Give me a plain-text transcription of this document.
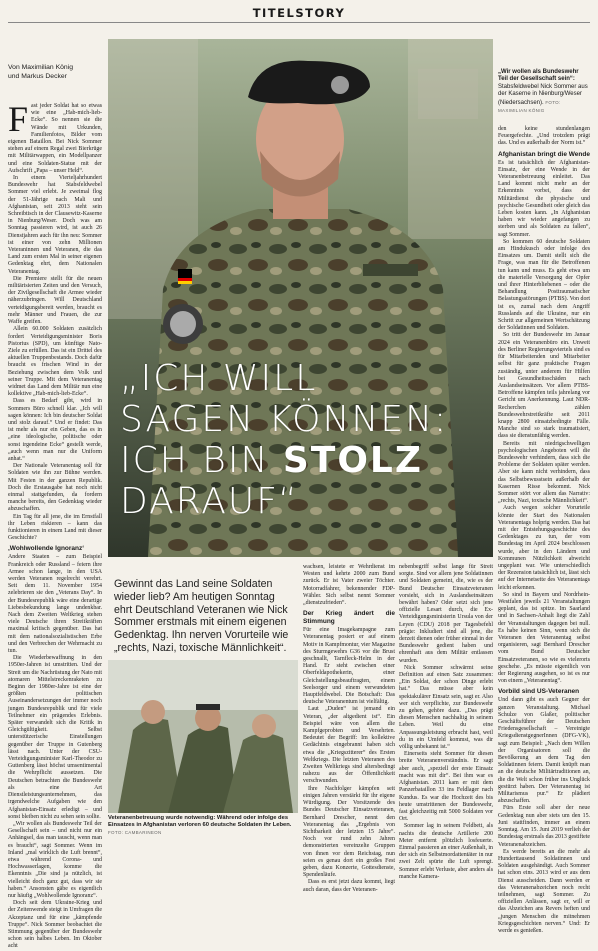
TITELSTORY
Von Maximilian König
und Markus Decker

Fast jeder Soldat hat so etwas wie eine „Hab-mich-lieb-Ecke“. So nennen sie die Wände mit Urkunden, Familienfotos, Bilder vom eigenen Bataillon. Bei Nick Sommer stehen auf einem Regal zwei Bierkrüge mit Militärwappen, ein Modellpanzer und eine Soldaten-Statue mit der Aufschrift „Papa – unser Held“.

In einem Vierteljahrhundert Bundeswehr hat Stabsfeldwebel Sommer viel erlebt. Je zweimal flog der 51-Jährige nach Mali und Afghanistan, seit 2013 steht sein Schreibtisch in der Clausewitz-Kaserne in Nienburg/Weser. Doch was am Sonntag passieren wird, ist auch 26 Dienstjahren auch für ihn neu: Sommer ist einer von zehn Millionen Veteraninnen und Veteranen, die das Land zum ersten Mal in seiner eigenen Gedenktag ehrt, dem Nationalen Veteranentag.

Die Premiere stellt für die neuen militärisierten Zeiten und den Versuch, der Zivilgesellschaft die Armee wieder näherzubringen. Will Deutschland verteidigungsbereit werden, braucht es mehr Männer und Frauen, die zur Waffe greifen.

Allein 60.000 Soldaten zusätzlich fordert Verteidigungsminister Boris Pistorius (SPD), um künftige Nato-Ziele zu erfüllen. Das ist ein Drittel des aktuellen Truppenbestands. Doch dafür braucht es frischen Wind in der Beziehung zwischen dem Volk und seiner Truppe. Mit dem Veteranentag widmet das Land dem Militär nun eine kollektive „Hab-mich-lieb-Ecke“.

Dass es Bedarf gibt, wird in Sommers Büro schnell klar. „Ich will sagen können: Ich bin deutscher Soldat und stolz darauf.“ Und er findet: Das ist mehr als nur ein Geben, das es in „eine ideologische, politische oder sonst irgendeine Ecke“ gestellt werde, „auch wenn man nur die Uniform anhat.“

Der Nationale Veteranentag soll für Soldaten wie ihn zur Bühne werden. Mit Festen in der ganzen Republik. Doch die Erstausgabe hat noch nicht einmal stattgefunden, da fordern manche bereits, den Gedenktag wieder abzuschaffen.

Ein Tag für all jene, die im Ernstfall ihr Leben riskieren – kann das funktionieren in einem Land mit dieser Geschichte?

‚Wohlwollende Ignoranz‘

Andere Staaten – zum Beispiel Frankreich oder Russland – feiern ihre Armee schon lange, in den USA werden Veteranen regelrecht verehrt. Seit dem 11. November 1954 zelebrieren sie den „Veterans Day“. In der Bundesrepublik wäre eine derartige Liebesbekundung lange undenkbar. Nach dem Zweiten Weltkrieg stehen viele Deutsche ihren Streitkräften maximal kritisch gegenüber. Das hat mit dem nationalsozialistischen Erbe und den Verbrechen der Wehrmacht zu tun.

Die Wiederbewaffnung in den 1950er-Jahren ist umstritten. Und der Streit um die Nachrüstung der Nato mit atomaren Mittelstreckenraketen zu Beginn der 1980er-Jahre ist eine der größten politischen Auseinandersetzungen der immer noch jungen Bundesrepublik und für viele Teilnehmer ein prägendes Erlebnis. Später verwandelt sich die Kritik in Gleichgültigkeit. Selbst unterstützerische Einstellungen gegenüber der Truppe in Gutenberg lässt nach. Unter der CSU-Verteidigungsminister Karl-Theodor zu Guttenberg lässt höchst umsentimental die Wehrpflicht aussetzen. Die Deutschen betrachten die Bundeswehr als eine Art Dienstleistungsunternehmen, das irgendwelche Aufgaben wie den Afghanistan-Einsatz erledigt – und sonst bleiben nicht zu sehen sein sollte.

„Wir wollen als Bundeswehr Teil der Gesellschaft sein – und nicht nur ein Anhängsel, das man tauscht, wenn man es braucht“, sagt Sommer. Wenn im Inland „mal wirklich die Luft brennt“, etwa während Corona- und Hochwasserlagen, komme die Ekenntnis „Die sind ja nützlich, ist vielleicht doch ganz gut, dass wir sie haben.“ Ansonsten gäbe es eigentlich nur häufig „Wohlwollende Ignoranz“.

Doch seit dem Ukraine-Krieg und der Zeitenwende steigt in Umfragen die Akzeptanz und für eine „kämpfende Truppe“. Nick Sommer beobachtet die Stimmung gegenüber der Bundeswehr schon sein halbes Leben. Im Oktober acht

„ICH WILL
SAGEN KÖNNEN:
ICH BIN STOLZ
DARAUF“
„Wir wollen als Bundeswehr Teil der Gesellschaft sein“: Stabsfeldwebel Nick Sommer aus der Kaserne in Nienburg/Weser (Niedersachsen). FOTO: MAXIMILIAN KÖNIG

den keine stundenlangen Feuergefechte. „Und trotzdem prägt das. Und es außerhalb der Norm ist.“

Afghanistan bringt die Wende

Es ist tatsächlich der Afghanistan-Einsatz, der eine Wende in der Veteranenbetreuung einleitet. Das Land kommt nicht mehr an der Erkenntnis vorbei, dass der Militärdienst die physische und psychische Gesundheit oder gleich das Leben kosten kann. „In Afghanistan haben wir wieder angefangen zu sterben und als Soldaten zu fallen“, sagt Sommer.

So kommen 60 deutsche Soldaten am Hindukusch oder infolge des Einsatzes um. Damit stellt sich die Frage, was man für die Betroffenen tun kann und muss. Es geht etwa um die materielle Versorgung der Opfer und ihrer Hinterbliebenen – oder die Behandlung Posttraumatischer Belastungsstörungen (PTBS). Von dort ist es, zumal nach dem Angriff Russlands auf die Ukraine, nur ein Schritt zur allgemeinen Wertschätzung der Soldatinnen und Soldaten.

So tritt der Bundeswehr im Januar 2024 ein Veteranenbüro ein. Unweit des Berliner Regierungsviertels sind es für Mitarbeitenden und Mitarbeiter selbst für ganz praktische Fragen zuständig, unter anderem für Hilfen bei Gesundheitsschäden nach Auslandseinsätzen. Vor allem PTBS-Betroffene kämpfen teils jahrelang vor Gericht um Anerkennung. Laut NDR-Recherchen zählen Bundeswehrstreitkräfte seit 2011 knapp 2800 einsatzbedingte Fälle. Manche sind so stark traumatisiert, dass sie dienstunfähig werden.

Bereits mit niedrigschwelligen psychologischen Angeboten will die Bundeswehr verhindern, dass sich die Probleme der Soldaten später werden. Aber sie kann nicht verhindern, dass das Selbstbewusstsein außerhalb der Kasernen Risse bekommt. Nick Sommer stört vor allem das Narrativ: „rechts, Nazi, toxische Männlichkeit“.

Auch wegen solcher Vorurteile könnte der Start des Nationalen Veteranentags holprig werden. Das hat mit der Entstehungsgeschichte des Gedenktages zu tun, der vom Bundestag im April 2024 beschlossen wurde, aber in den Ländern und Kommunen Nützlichkeit abweicht ungeplant war. Wie unterschiedlich der Rezension tatsächlich ist, lässt sich auf der Internetseite des Veteranentags leicht erkennen.

So sind in Bayern und Nordrhein-Westfalen jeweils 21 Veranstaltungen geplant, das ist spitze. Im Saarland und in Sachsen-Anhalt liegt die Zahl der Veranstaltungen dagegen bei null. Es habe keinen Sinn, wenn sich die Veteranen den Veteranentag selbst organisieren, sagt Bernhard Drescher vom Bund Deutscher Einsatzveteranen, so wie es vielerorts geschehe. „Es müsste eigentlich von der Regierung ausgehen, so ist es nur von einem „Veteranentag“.

Vorbild sind US-Veteranen

Und dann gibt es auch Gegner der ganzen Veranstaltung. Michael Schulze von Glaßer, politischer Geschäftsführer der Deutschen Friedensgesellschaft – Vereinigte KriegsdienstgegnerInnen (DFG-VK), sagt zum Beispiel: „Nach dem Willen der Organisatoren soll die Bevölkerung an dem Tag den Soldatinnen feiern. Damit knüpft man an die deutsche Militärtraditionen an, die die Welt schon früher ins Unglück gestürzt haben. Der Veteranentag ist Militarismus pur.“ Er plädiert abzuschaffen.

Fürs Erste soll aber der neue Gedenktag nun aber stets um den 15. Juni stattfinden, immer an einem Sonntag. Am 15. Juni 2019 verlieh der Bundestag erstmals das 2013 gestiftete Veteranenabzeichen.

Es werde bereits an die mehr als Hunderttausend Soldatinnen und Soldaten ausgehändigt. Auch Sommer hat schon eins. 2013 wird er aus dem Dienst ausscheiden. Dann werden er das Veteranenabzeichen noch recht teilnehmen, sagt Sommer. Zu offiziellen Anlässen, sagt er, will er das Abzeichen ans Revers heften und „jungen Menschen die mitnehmen Kriegsgeschichten nerven.“ Und: Er werde es genießen.

Gewinnt das Land seine Soldaten wieder lieb? Am heutigen Sonntag ehrt Deutschland Veteranen wie Nick Sommer erstmals mit einem eigenen Gedenktag. Ihn nerven Vorurteile wie „rechts, Nazi, toxische Männlichkeit“.

wachsen, leistete er Wehrdienst im Westen und kehrte 2000 zum Bund zurück. Er ist Vater zweier Töchter. Motorradfahrer, bekennender FDP-Wähler. Sich selbst nennt Sommer „dienstzufrieden“.

Der Krieg ändert die Stimmung

Für eine Imagekampagne zum Veteranentag posiert er auf einem Motiv in Kampfmontur, vier Magazine des Sturmgewehrs G36 vor die Brust geschnallt, Tarnfleck-Helm in der Hand. Er steht zwischen einer Oberfeldapothekerin, einer Gleichstellungsbeauftragten, einem Seelsorger und einem verwundeten Hauptfeldwebel. Die Botschaft: Das deutsche Veteranentum ist vielfältig.

Laut „Duden“ ist jemand ein Veteran, „der altgedient ist“. Ein Beispiel wäre von allem die Kampfgeprobten und Versehrten. Bedeutet der Begriff: Im kollektive Gedächtnis eingebrannt haben sich etwa die „Kriegszitterer“ des Ersten Weltkriegs. Die letzten Veteranen des Zweiten Weltkriegs sind altersbedingt nahezu aus der Öffentlichkeit verschwunden.

Ihre Nachfolger kämpfen seit einigen Jahren verstärkt für ihr eigene Würdigung. Der Vorsitzende des Bundes Deutscher Einsatzveteranen, Bernhard Drescher, nennt den Veteranentag das „Ergebnis von Sichtbarkeit der letzten 15 Jahre“. Noch vor rund zehn Jahren demonstrierten vereinzelte Gruppen von ihnen vor dem Reichstag, nun seien es genau dort ein großes Fest geben, dazu Konzerte, Gottesdienste, Spendenläufe.

Dass es erst jetzt dazu kommt, liegt auch daran, dass der Veteranen-

nebenbegriff selbst lange für Streit sorgte. Sind vor allem jene Soldatinnen und Soldaten gemeint, die, wie es der Bund Deutscher Einsatzveteranen vorsieht, sich in Auslandseinsätzen bewährt haben? Oder setzt sich jene offizielle Lesart durch, die Ex-Verteidigungsministerin Ursula von der Leyen (CDU) 2018 per Tagesbefehl prägte: Inkludiert sind all jene, die derzeit dienen oder früher einmal in der Bundeswehr gedient haben und ehrenhaft aus dem Militär entlassen wurden.

Nick Sommer schwärmt seine Definition auf einen Satz zusammen: „Ein Soldat, der schon Dinge erlebt hat.“ Das müsse aber kein spektakulärer Einsatz sein, sagt er. Also wer sich verpflichte, zur Bundeswehr zu gehen, gehöre dazu. „Das prägt diesen Menschen nachhaltig in seinem Leben. Weil du eine Anpassungsleistung erbracht hast, weil du in ein Umfeld kommst, was dir völlig unbekannt ist.“

Einerseits steht Sommer für diesen breite Veteranenverständnis. Er sagt aber auch, „speziell der erste Einsatz macht was mit dir“. Bei ihm war es Afghanistan. 2011 kam er mit dem Panzerbataillon 33 ins Feldlager nach Kundus. Es war die Hochzeit des bis heute umstrittenen der Bundeswehr, fast gleichzeitig mit 5000 Soldaten vor Ort.

Sommer lag in seinem Feldbett, als nachts die deutsche Artillerie 200 Meter entfernt plötzlich losfeuerte. Einmal passieren an einer Außenhalt, in der sich ein Selbstmordattentäter in nur zwei Zelt spürte die Luft sprengt. Sommer erlebt Verluste, aber anders als manche Kamera-

Veteranenbetreuung wurde notwendig: Während oder infolge des Einsatzes in Afghanistan verloren 60 deutsche Soldaten ihr Leben. FOTO: CAMBARINEON
